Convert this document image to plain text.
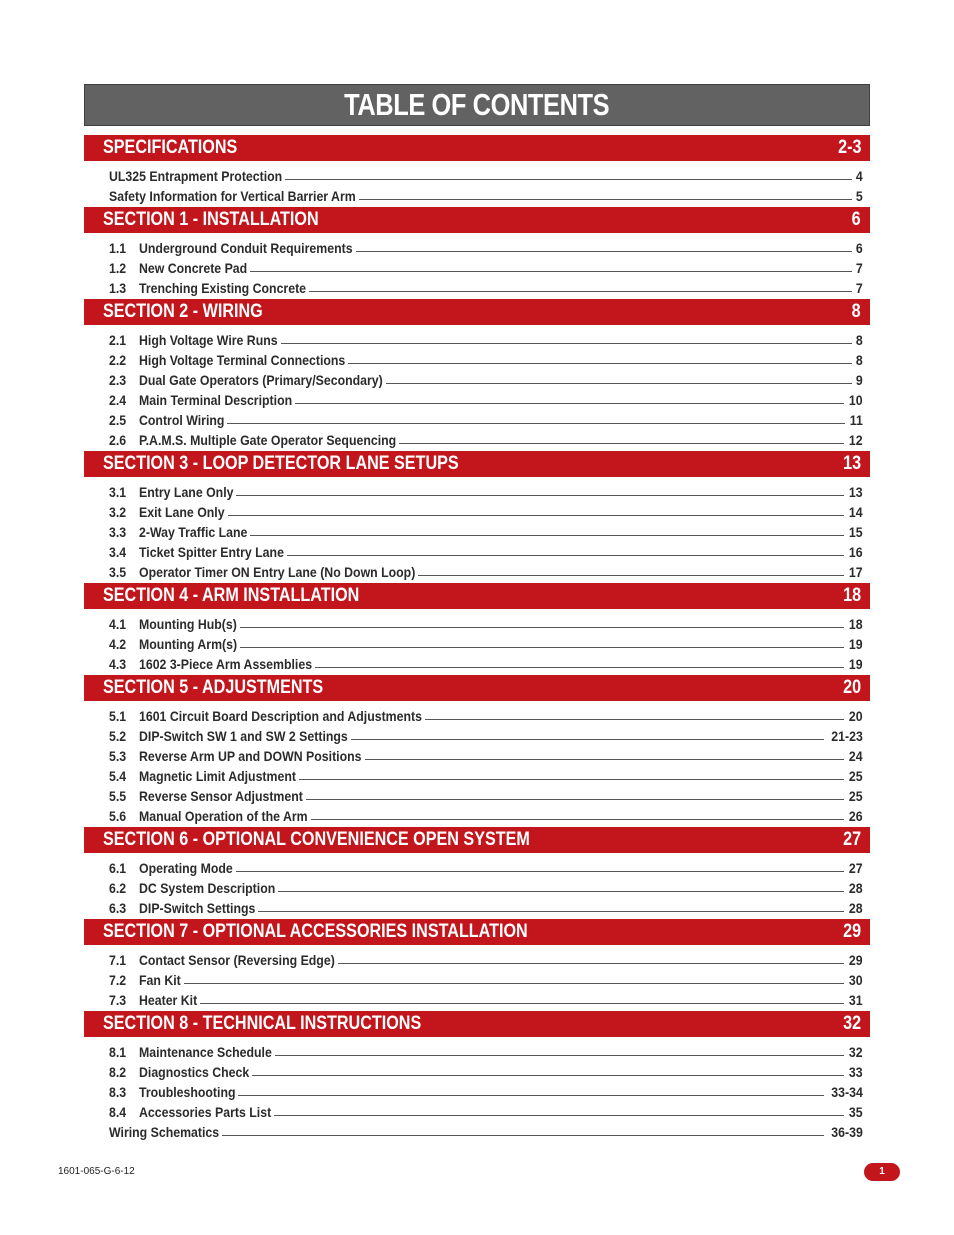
TABLE OF CONTENTS
SPECIFICATIONS	2-3
UL325 Entrapment Protection	4
Safety Information for Vertical Barrier Arm	5
SECTION 1 - INSTALLATION	6
1.1 Underground Conduit Requirements	6
1.2 New Concrete Pad	7
1.3 Trenching Existing Concrete	7
SECTION 2 - WIRING	8
2.1 High Voltage Wire Runs	8
2.2 High Voltage Terminal Connections	8
2.3 Dual Gate Operators (Primary/Secondary)	9
2.4 Main Terminal Description	10
2.5 Control Wiring	11
2.6 P.A.M.S. Multiple Gate Operator Sequencing	12
SECTION 3 - LOOP DETECTOR LANE SETUPS	13
3.1 Entry Lane Only	13
3.2 Exit Lane Only	14
3.3 2-Way Traffic Lane	15
3.4 Ticket Spitter Entry Lane	16
3.5 Operator Timer ON Entry Lane (No Down Loop)	17
SECTION 4 - ARM INSTALLATION	18
4.1 Mounting Hub(s)	18
4.2 Mounting Arm(s)	19
4.3 1602 3-Piece Arm Assemblies	19
SECTION 5 - ADJUSTMENTS	20
5.1 1601 Circuit Board Description and Adjustments	20
5.2 DIP-Switch SW 1 and SW 2 Settings	21-23
5.3 Reverse Arm UP and DOWN Positions	24
5.4 Magnetic Limit Adjustment	25
5.5 Reverse Sensor Adjustment	25
5.6 Manual Operation of the Arm	26
SECTION 6 - OPTIONAL CONVENIENCE OPEN SYSTEM	27
6.1 Operating Mode	27
6.2 DC System Description	28
6.3 DIP-Switch Settings	28
SECTION 7 - OPTIONAL ACCESSORIES INSTALLATION	29
7.1 Contact Sensor (Reversing Edge)	29
7.2 Fan Kit	30
7.3 Heater Kit	31
SECTION 8 - TECHNICAL INSTRUCTIONS	32
8.1 Maintenance Schedule	32
8.2 Diagnostics Check	33
8.3 Troubleshooting	33-34
8.4 Accessories Parts List	35
Wiring Schematics	36-39
1601-065-G-6-12	1
